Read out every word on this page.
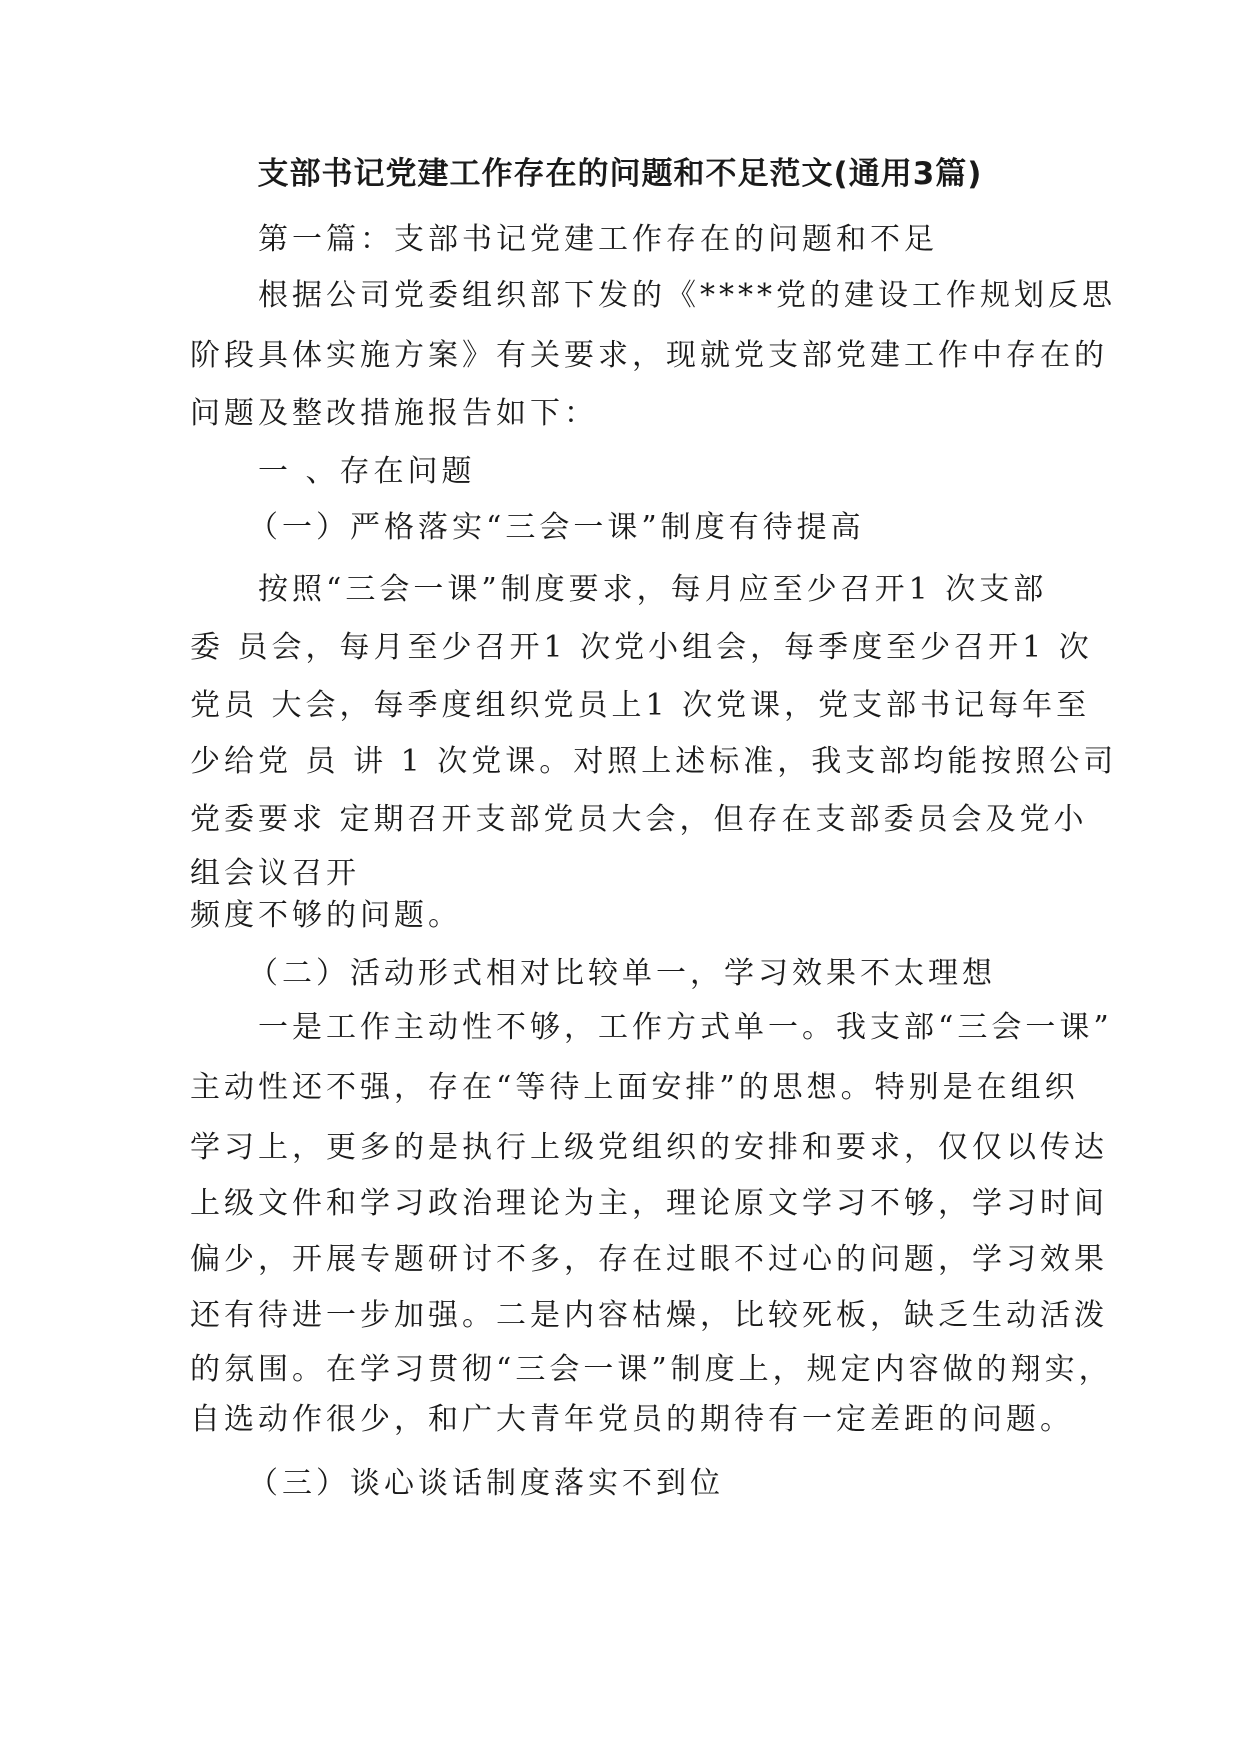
支部书记党建工作存在的问题和不足范文(通用3篇)
第一篇：支部书记党建工作存在的问题和不足
根据公司党委组织部下发的《****党的建设工作规划反思
阶段具体实施方案》有关要求，现就党支部党建工作中存在的
问题及整改措施报告如下：
一 、存在问题
（一）严格落实“三会一课”制度有待提高
按照“三会一课”制度要求，每月应至少召开1 次支部
委 员会，每月至少召开1 次党小组会，每季度至少召开1 次
党员 大会，每季度组织党员上1 次党课，党支部书记每年至
少给党 员 讲 1 次党课。对照上述标准，我支部均能按照公司
党委要求 定期召开支部党员大会，但存在支部委员会及党小
组会议召开
频度不够的问题。
（二）活动形式相对比较单一，学习效果不太理想
一是工作主动性不够，工作方式单一。我支部“三会一课”
主动性还不强，存在“等待上面安排”的思想。特别是在组织
学习上，更多的是执行上级党组织的安排和要求，仅仅以传达
上级文件和学习政治理论为主，理论原文学习不够，学习时间
偏少，开展专题研讨不多，存在过眼不过心的问题，学习效果
还有待进一步加强。二是内容枯燥，比较死板，缺乏生动活泼
的氛围。在学习贯彻“三会一课”制度上，规定内容做的翔实，
自选动作很少，和广大青年党员的期待有一定差距的问题。
（三）谈心谈话制度落实不到位
